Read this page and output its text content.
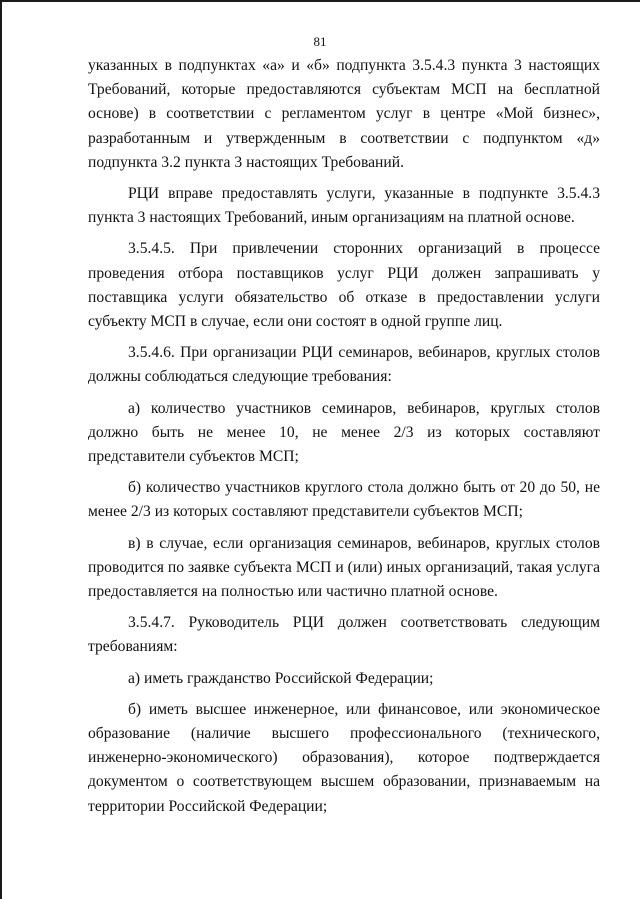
81

указанных в подпунктах «а» и «б» подпункта 3.5.4.3 пункта 3 настоящих Требований, которые предоставляются субъектам МСП на бесплатной основе) в соответствии с регламентом услуг в центре «Мой бизнес», разработанным и утвержденным в соответствии с подпунктом «д» подпункта 3.2 пункта 3 настоящих Требований.

РЦИ вправе предоставлять услуги, указанные в подпункте 3.5.4.3 пункта 3 настоящих Требований, иным организациям на платной основе.

3.5.4.5. При привлечении сторонних организаций в процессе проведения отбора поставщиков услуг РЦИ должен запрашивать у поставщика услуги обязательство об отказе в предоставлении услуги субъекту МСП в случае, если они состоят в одной группе лиц.

3.5.4.6. При организации РЦИ семинаров, вебинаров, круглых столов должны соблюдаться следующие требования:

а) количество участников семинаров, вебинаров, круглых столов должно быть не менее 10, не менее 2/3 из которых составляют представители субъектов МСП;

б) количество участников круглого стола должно быть от 20 до 50, не менее 2/3 из которых составляют представители субъектов МСП;

в) в случае, если организация семинаров, вебинаров, круглых столов проводится по заявке субъекта МСП и (или) иных организаций, такая услуга предоставляется на полностью или частично платной основе.

3.5.4.7. Руководитель РЦИ должен соответствовать следующим требованиям:

а) иметь гражданство Российской Федерации;

б) иметь высшее инженерное, или финансовое, или экономическое образование (наличие высшего профессионального (технического, инженерно-экономического) образования), которое подтверждается документом о соответствующем высшем образовании, признаваемым на территории Российской Федерации;
